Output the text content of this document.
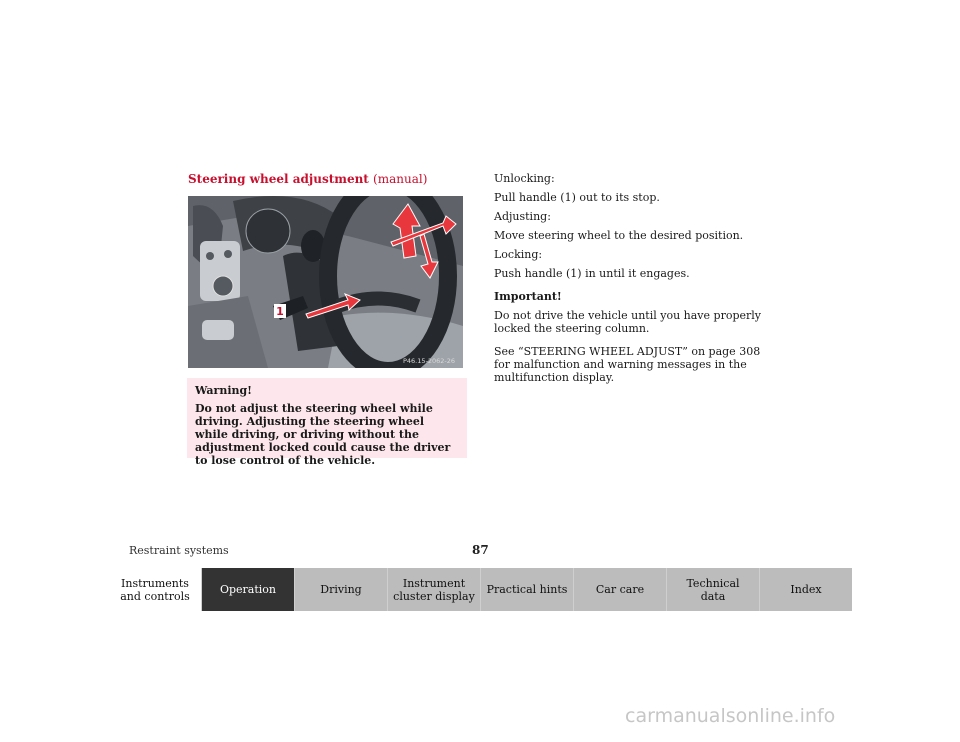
Steering wheel adjustment (manual)
1
P46.15-2062-26
Warning!
Do not adjust the steering wheel while driving. Adjusting the steering wheel while driving, or driving without the adjustment locked could cause the driver to lose control of the vehicle.

Unlocking:

Pull handle (1) out to its stop.

Adjusting:

Move steering wheel to the desired position.

Locking:

Push handle (1) in until it engages.

Important!

Do not drive the vehicle until you have properly locked the steering column.

See “STEERING WHEEL ADJUST” on page 308 for malfunction and warning messages in the multifunction display.

Restraint systems	87
Instruments
and controls	Operation	Driving	Instrument
cluster display	Practical hints	Car care	Technical
data	Index
carmanualsonline.info
